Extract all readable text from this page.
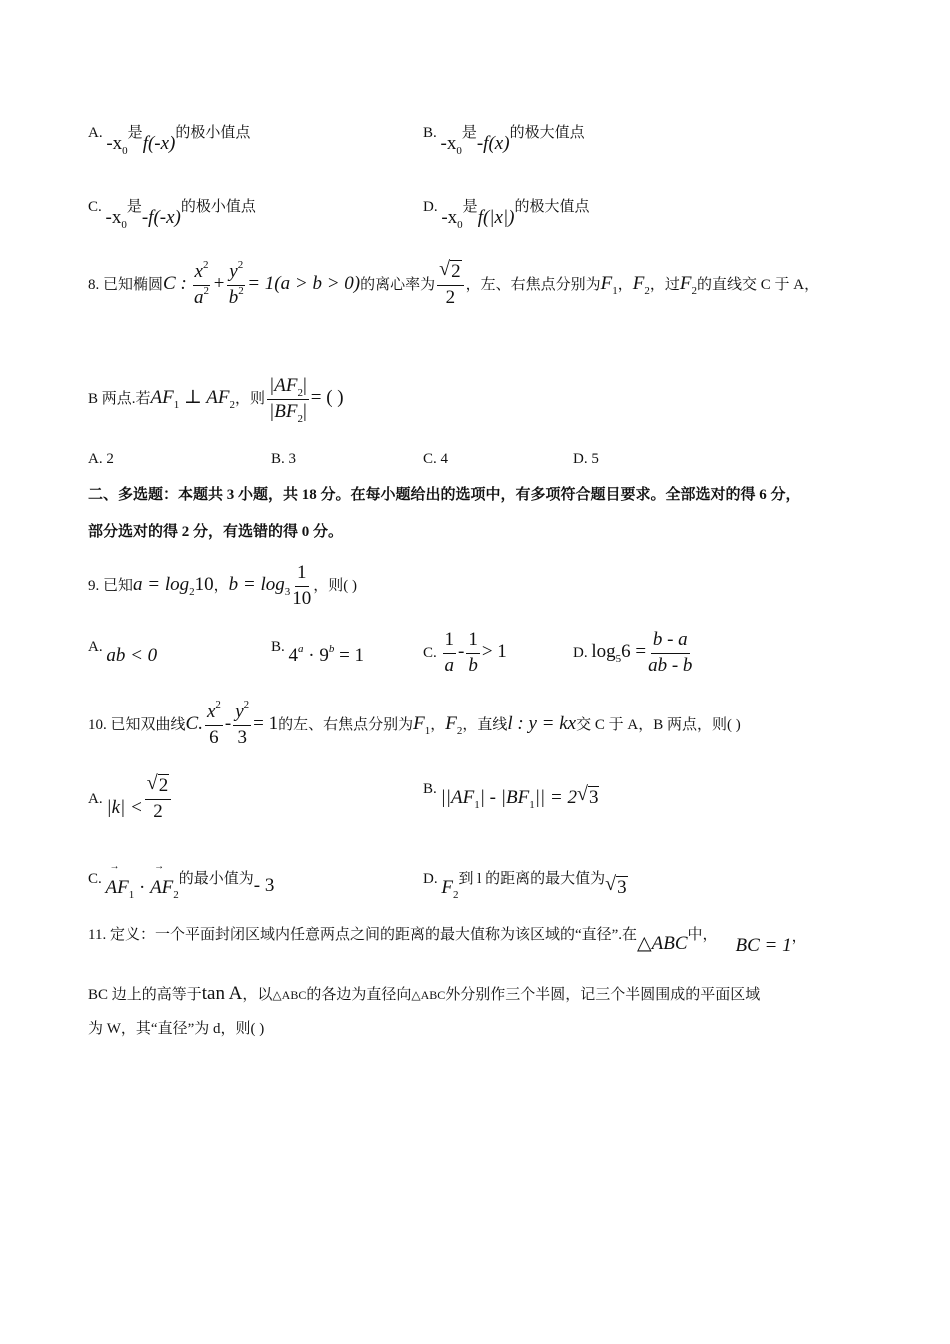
A. $-x_0$是f(-x)的极小值点	B. $-x_0$是-f(x)的极大值点
C. $-x_0$是-f(-x)的极小值点	D. $-x_0$是f(|x|)的极大值点
8. 已知椭圆C : $\frac{x^2}{a^2} + \frac{y^2}{b^2} = 1(a > b > 0)$的离心率为 $\frac{√ 2}{2}$ ，左、右焦点分别为$F_1$，$F_2$，过$F_2$的直线交 C 于 A，
B 两点.若$AF_1$ ⊥ $AF_2$，则 $\frac{|AF_2|}{|BF_2|}$ = ( )
A. 2	B. 3	C. 4	D. 5
二、多选题：本题共 3 小题，共 18 分。在每小题给出的选项中，有多项符合题目要求。全部选对的得 6 分，
部分选对的得 2 分，有选错的得 0 分。
9. 已知$a = \log_210$，$b = \log_3 \frac{1}{10}$ ，则( )
A. ab < 0	B. $4^a \cdot 9^b = 1$	C. $\frac{1}{a} - \frac{1}{b} > 1$	D. $\log_56 = \frac{b - a}{ab - b}$
10. 已知双曲线C. $\frac{x^2}{6} - \frac{y^2}{3} = 1$的左、右焦点分别为$F_1$，$F_2$，直线l : y = kx交 C 于 A，B 两点，则( )
A. $|k| < \frac{√ 2}{2}$	B. $||AF_1| - |BF_1|| = 2$ √ 3
C. → $AF_1$ · → $AF_2$的最小值为- 3	D. $F_2$到 l 的距离的最大值为 √ 3
11. 定义：一个平面封闭区域内任意两点之间的距离的最大值称为该区域的“直径”.在△ABC中， BC = 1，
BC 边上的高等于tan A，以△ABC的各边为直径向△ABC外分别作三个半圆，记三个半圆围成的平面区域
为 W，其“直径”为 d，则( )
